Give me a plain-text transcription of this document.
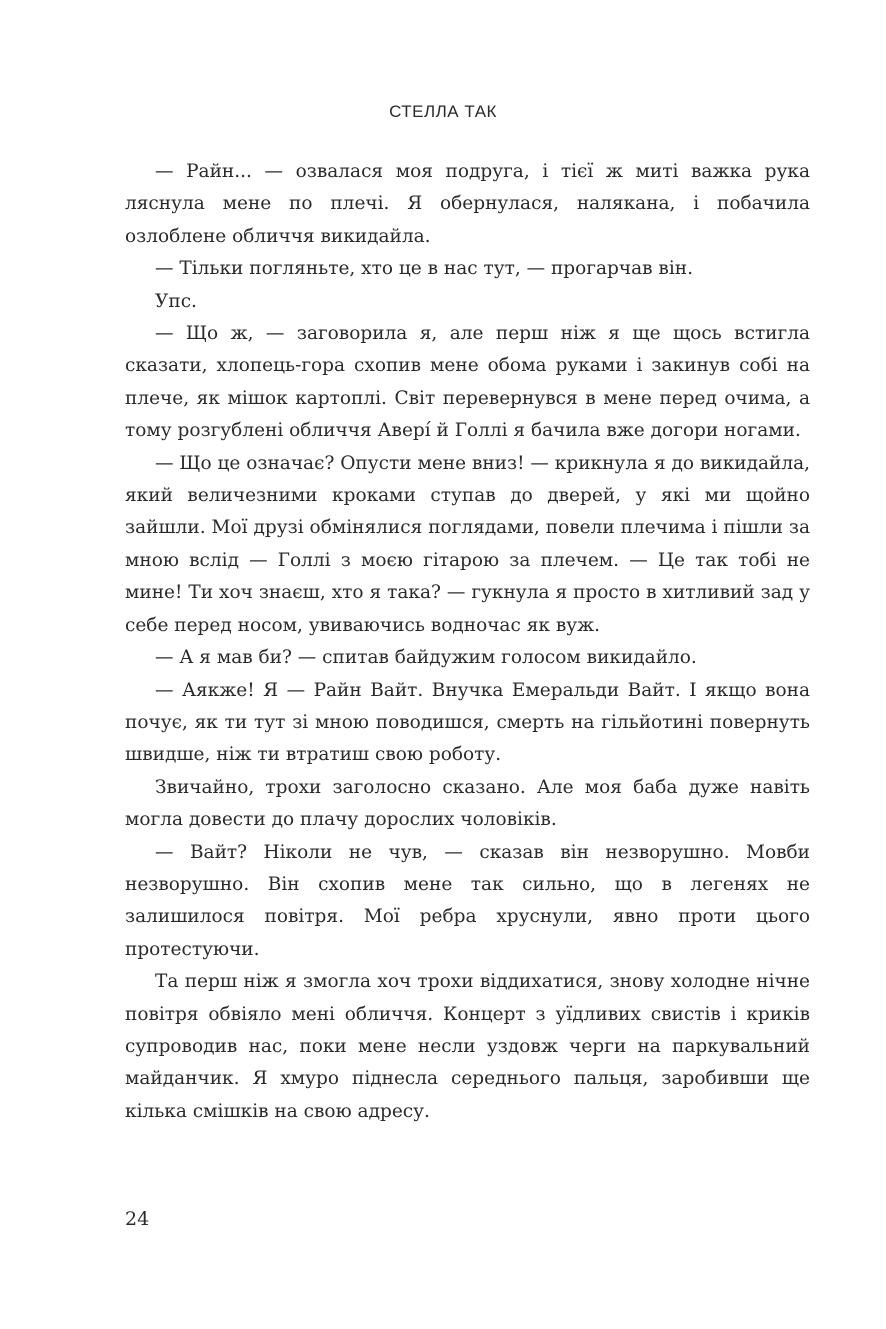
СТЕЛЛА ТАК

— Райн... — озвалася моя подруга, і тієї ж миті важка рука ляснула мене по плечі. Я обернулася, налякана, і побачила озлоблене обличчя викидайла.

— Тільки погляньте, хто це в нас тут, — прогарчав він.

Упс.

— Що ж, — заговорила я, але перш ніж я ще щось встигла сказати, хлопець-гора схопив мене обома руками і закинув собі на плече, як мішок картоплі. Світ перевернувся в мене перед очима, а тому розгублені обличчя Аверí й Голлі я бачила вже догори ногами.

— Що це означає? Опусти мене вниз! — крикнула я до викидайла, який величезними кроками ступав до дверей, у які ми щойно зайшли. Мої друзі обмінялися поглядами, повели плечима і пішли за мною вслід — Голлі з моєю гітарою за плечем. — Це так тобі не мине! Ти хоч знаєш, хто я така? — гукнула я просто в хитливий зад у себе перед носом, увиваючись водночас як вуж.

— А я мав би? — спитав байдужим голосом викидайло.

— Аякже! Я — Райн Вайт. Внучка Емеральди Вайт. І якщо вона почує, як ти тут зі мною поводишся, смерть на гільйотині повернуть швидше, ніж ти втратиш свою роботу.

Звичайно, трохи заголосно сказано. Але моя баба дуже навіть могла довести до плачу дорослих чоловіків.

— Вайт? Ніколи не чув, — сказав він незворушно. Мовби незворушно. Він схопив мене так сильно, що в легенях не залишилося повітря. Мої ребра хруснули, явно проти цього протестуючи.

Та перш ніж я змогла хоч трохи віддихатися, знову холодне нічне повітря обвіяло мені обличчя. Концерт з уїдливих свистів і криків супроводив нас, поки мене несли уздовж черги на паркувальний майданчик. Я хмуро піднесла середнього пальця, заробивши ще кілька смішків на свою адресу.

24
